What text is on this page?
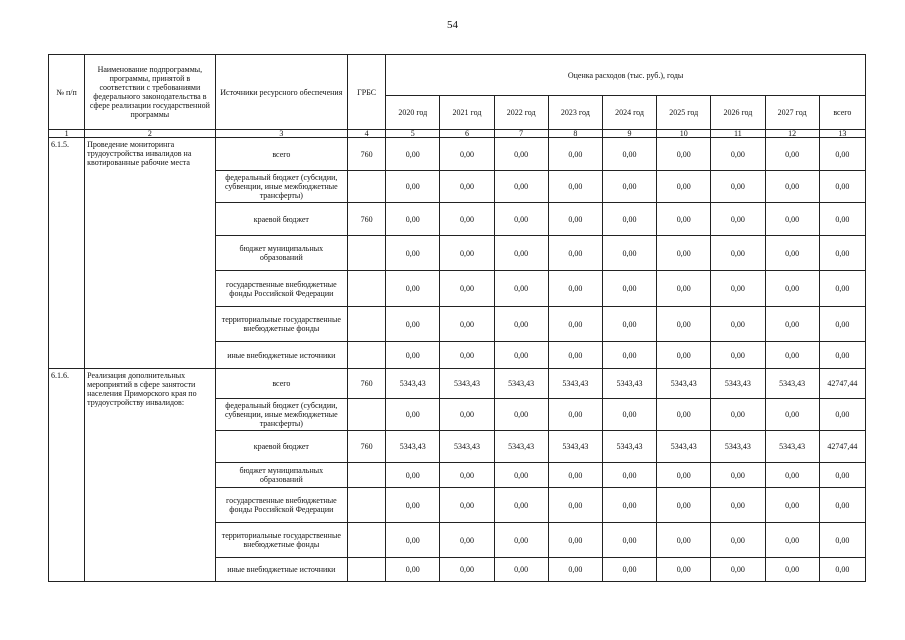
54
№ п/п	Наименование подпрограммы, программы, принятой в соответствии с требованиями федерального законодательства в сфере реализации государственной программы	Источники ресурсного обеспечения	ГРБС	Оценка расходов (тыс. руб.), годы								
				2020 год	2021 год	2022 год	2023 год	2024 год	2025 год	2026 год	2027 год	всего
1	2	3	4	5	6	7	8	9	10	11	12	13
6.1.5.	Проведение мониторинга трудоустройства инвалидов на квотированные рабочие места	всего	760	0,00	0,00	0,00	0,00	0,00	0,00	0,00	0,00	0,00
		федеральный бюджет (субсидии, субвенции, иные межбюджетные трансферты)		0,00	0,00	0,00	0,00	0,00	0,00	0,00	0,00	0,00
		краевой бюджет	760	0,00	0,00	0,00	0,00	0,00	0,00	0,00	0,00	0,00
		бюджет муниципальных образований		0,00	0,00	0,00	0,00	0,00	0,00	0,00	0,00	0,00
		государственные внебюджетные фонды Российской Федерации		0,00	0,00	0,00	0,00	0,00	0,00	0,00	0,00	0,00
		территориальные государственные внебюджетные фонды		0,00	0,00	0,00	0,00	0,00	0,00	0,00	0,00	0,00
		иные внебюджетные источники		0,00	0,00	0,00	0,00	0,00	0,00	0,00	0,00	0,00
6.1.6.	Реализация дополнительных мероприятий в сфере занятости населения Приморского края по трудоустройству инвалидов:	всего	760	5343,43	5343,43	5343,43	5343,43	5343,43	5343,43	5343,43	5343,43	42747,44
		федеральный бюджет (субсидии, субвенции, иные межбюджетные трансферты)		0,00	0,00	0,00	0,00	0,00	0,00	0,00	0,00	0,00
		краевой бюджет	760	5343,43	5343,43	5343,43	5343,43	5343,43	5343,43	5343,43	5343,43	42747,44
		бюджет муниципальных образований		0,00	0,00	0,00	0,00	0,00	0,00	0,00	0,00	0,00
		государственные внебюджетные фонды Российской Федерации		0,00	0,00	0,00	0,00	0,00	0,00	0,00	0,00	0,00
		территориальные государственные внебюджетные фонды		0,00	0,00	0,00	0,00	0,00	0,00	0,00	0,00	0,00
		иные внебюджетные источники		0,00	0,00	0,00	0,00	0,00	0,00	0,00	0,00	0,00
